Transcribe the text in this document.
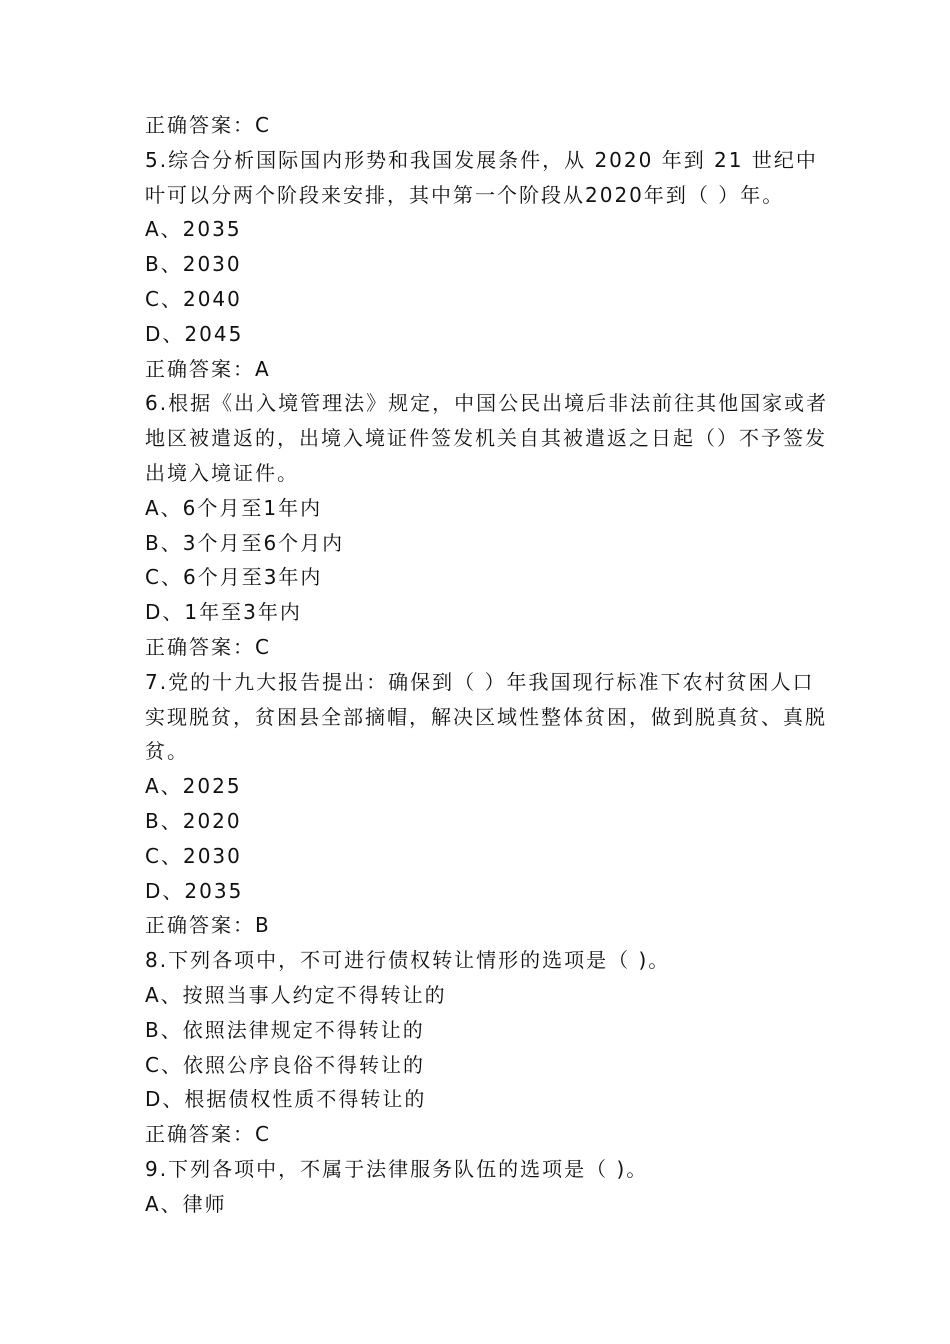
正确答案：C

5.综合分析国际国内形势和我国发展条件，从 2020 年到 21 世纪中叶可以分两个阶段来安排，其中第一个阶段从2020年到（ ）年。

A、2035

B、2030

C、2040

D、2045

正确答案：A

6.根据《出入境管理法》规定，中国公民出境后非法前往其他国家或者地区被遣返的，出境入境证件签发机关自其被遣返之日起（）不予签发出境入境证件。

A、6个月至1年内

B、3个月至6个月内

C、6个月至3年内

D、1年至3年内

正确答案：C

7.党的十九大报告提出：确保到（ ）年我国现行标准下农村贫困人口实现脱贫，贫困县全部摘帽，解决区域性整体贫困，做到脱真贫、真脱贫。

A、2025

B、2020

C、2030

D、2035

正确答案：B

8.下列各项中，不可进行债权转让情形的选项是（ )。

A、按照当事人约定不得转让的

B、依照法律规定不得转让的

C、依照公序良俗不得转让的

D、根据债权性质不得转让的

正确答案：C

9.下列各项中，不属于法律服务队伍的选项是（ )。

A、律师
